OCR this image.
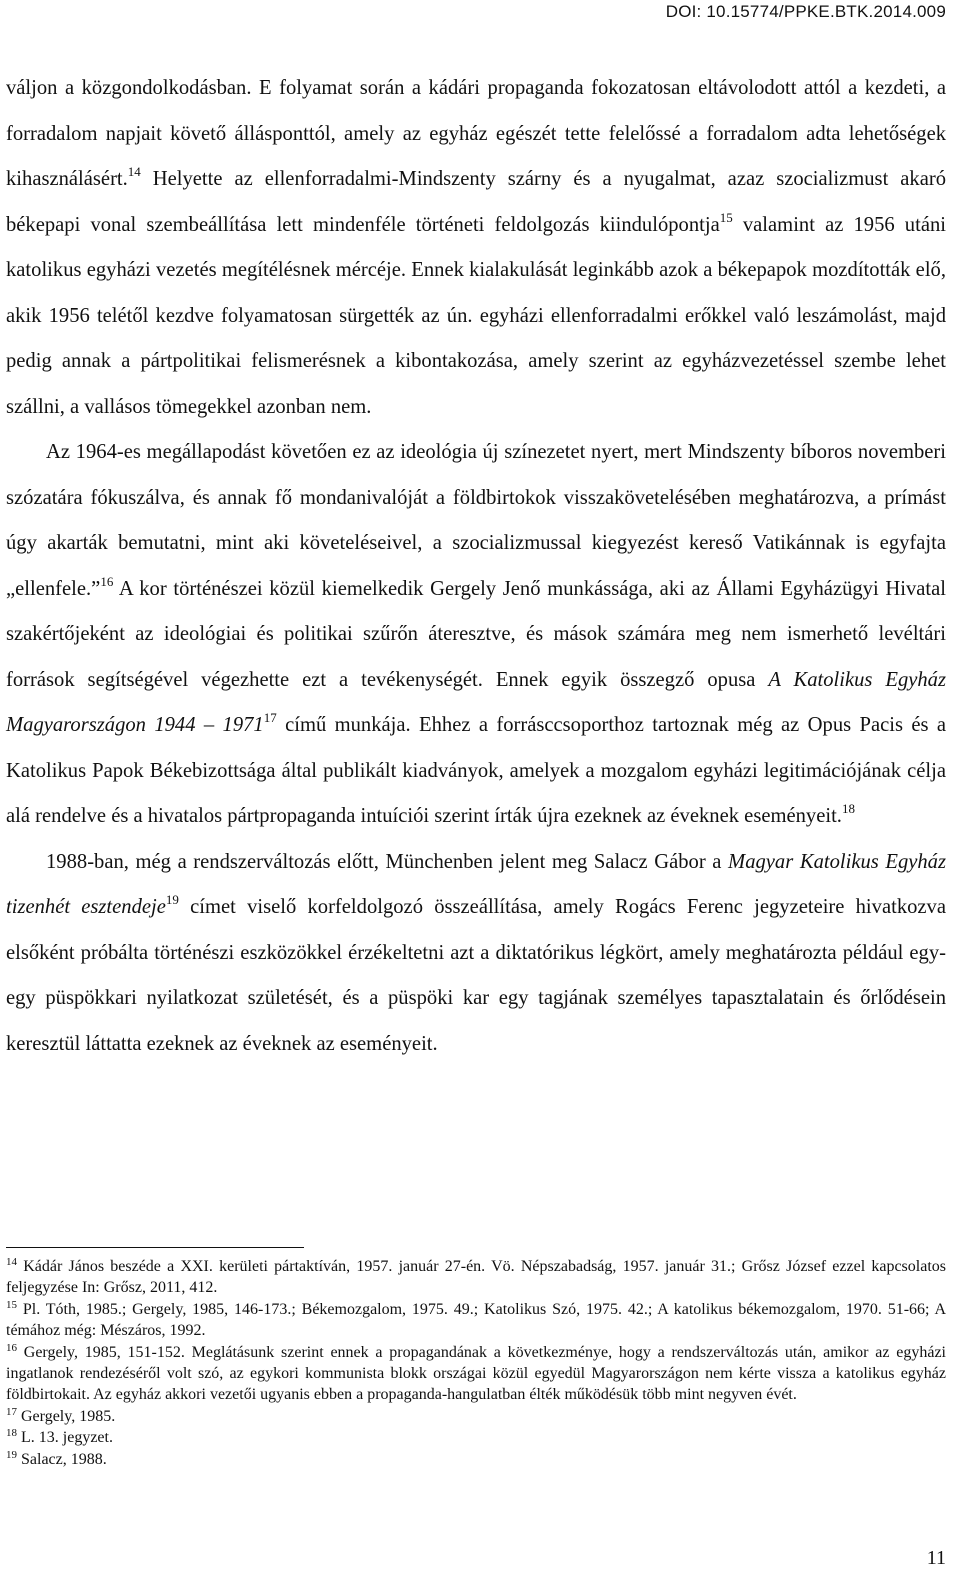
DOI: 10.15774/PPKE.BTK.2014.009

váljon a közgondolkodásban. E folyamat során a kádári propaganda fokozatosan eltávolodott attól a kezdeti, a forradalom napjait követő állásponttól, amely az egyház egészét tette felelőssé a forradalom adta lehetőségek kihasználásért.$^{14}$ Helyette az ellenforradalmi-Mindszenty szárny és a nyugalmat, azaz szocializmust akaró békepapi vonal szembeállítása lett mindenféle történeti feldolgozás kiindulópontja$^{15}$ valamint az 1956 utáni katolikus egyházi vezetés megítélésnek mércéje. Ennek kialakulását leginkább azok a békepapok mozdították elő, akik 1956 telétől kezdve folyamatosan sürgették az ún. egyházi ellenforradalmi erőkkel való leszámolást, majd pedig annak a pártpolitikai felismerésnek a kibontakozása, amely szerint az egyházvezetéssel szembe lehet szállni, a vallásos tömegekkel azonban nem.

Az 1964-es megállapodást követően ez az ideológia új színezetet nyert, mert Mindszenty bíboros novemberi szózatára fókuszálva, és annak fő mondanivalóját a földbirtokok visszakövetelésében meghatározva, a prímást úgy akarták bemutatni, mint aki követeléseivel, a szocializmussal kiegyezést kereső Vatikánnak is egyfajta „ellenfele.”$^{16}$ A kor történészei közül kiemelkedik Gergely Jenő munkássága, aki az Állami Egyházügyi Hivatal szakértőjeként az ideológiai és politikai szűrőn áteresztve, és mások számára meg nem ismerhető levéltári források segítségével végezhette ezt a tevékenységét. Ennek egyik összegző opusa A Katolikus Egyház Magyarországon 1944 – 1971$^{17}$ című munkája. Ehhez a forrásccsoporthoz tartoznak még az Opus Pacis és a Katolikus Papok Békebizottsága által publikált kiadványok, amelyek a mozgalom egyházi legitimációjának célja alá rendelve és a hivatalos pártpropaganda intuíciói szerint írták újra ezeknek az éveknek eseményeit.$^{18}$

1988-ban, még a rendszerváltozás előtt, Münchenben jelent meg Salacz Gábor a Magyar Katolikus Egyház tizenhét esztendeje$^{19}$ címet viselő korfeldolgozó összeállítása, amely Rogács Ferenc jegyzeteire hivatkozva elsőként próbálta történészi eszközökkel érzékeltetni azt a diktatórikus légkört, amely meghatározta például egy-egy püspökkari nyilatkozat születését, és a püspöki kar egy tagjának személyes tapasztalatain és őrlődésein keresztül láttatta ezeknek az éveknek az eseményeit.

$^{14}$ Kádár János beszéde a XXI. kerületi pártaktíván, 1957. január 27-én. Vö. Népszabadság, 1957. január 31.; Grősz József ezzel kapcsolatos feljegyzése In: Grősz, 2011, 412.

$^{15}$ Pl. Tóth, 1985.; Gergely, 1985, 146-173.; Békemozgalom, 1975. 49.; Katolikus Szó, 1975. 42.; A katolikus békemozgalom, 1970. 51-66; A témához még: Mészáros, 1992.

$^{16}$ Gergely, 1985, 151-152. Meglátásunk szerint ennek a propagandának a következménye, hogy a rendszerváltozás után, amikor az egyházi ingatlanok rendezéséről volt szó, az egykori kommunista blokk országai közül egyedül Magyarországon nem kérte vissza a katolikus egyház földbirtokait. Az egyház akkori vezetői ugyanis ebben a propaganda-hangulatban élték működésük több mint negyven évét.

$^{17}$ Gergely, 1985.

$^{18}$ L. 13. jegyzet.

$^{19}$ Salacz, 1988.

11
